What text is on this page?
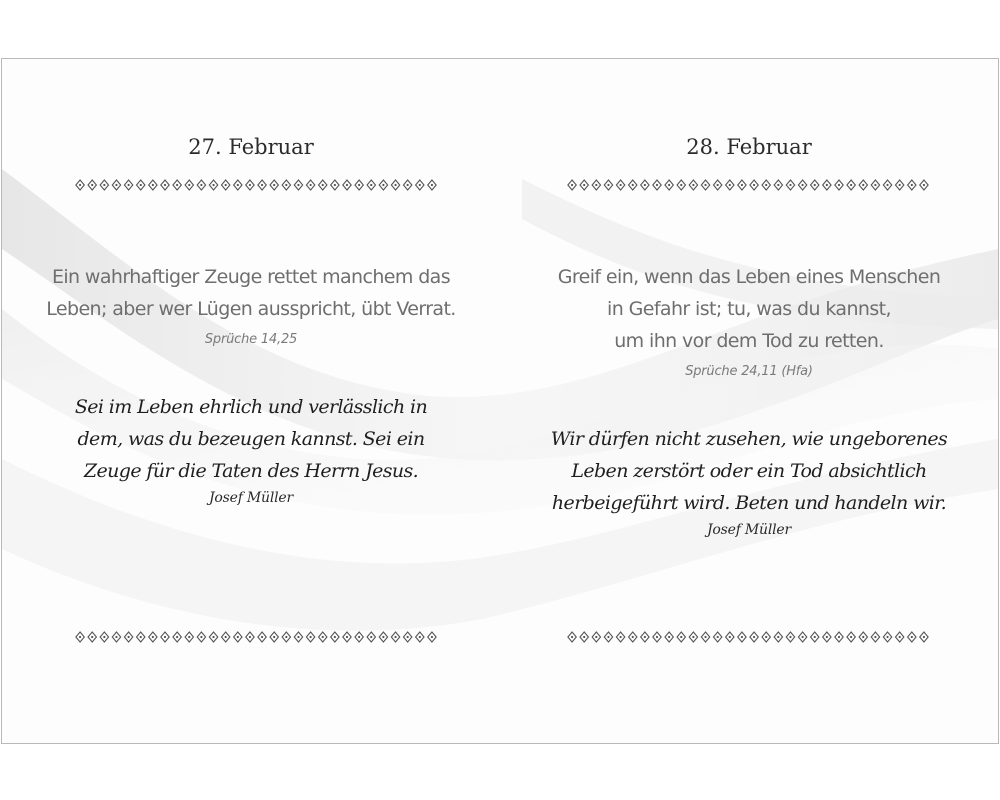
27. Februar
Ein wahrhaftiger Zeuge rettet manchem das
Leben; aber wer Lügen ausspricht, übt Verrat.
Sprüche 14,25
Sei im Leben ehrlich und verlässlich in
dem, was du bezeugen kannst. Sei ein
Zeuge für die Taten des Herrn Jesus.
Josef Müller
28. Februar
Greif ein, wenn das Leben eines Menschen
in Gefahr ist; tu, was du kannst,
um ihn vor dem Tod zu retten.
Sprüche 24,11 (Hfa)
Wir dürfen nicht zusehen, wie ungeborenes
Leben zerstört oder ein Tod absichtlich
herbeigeführt wird. Beten und handeln wir.
Josef Müller
